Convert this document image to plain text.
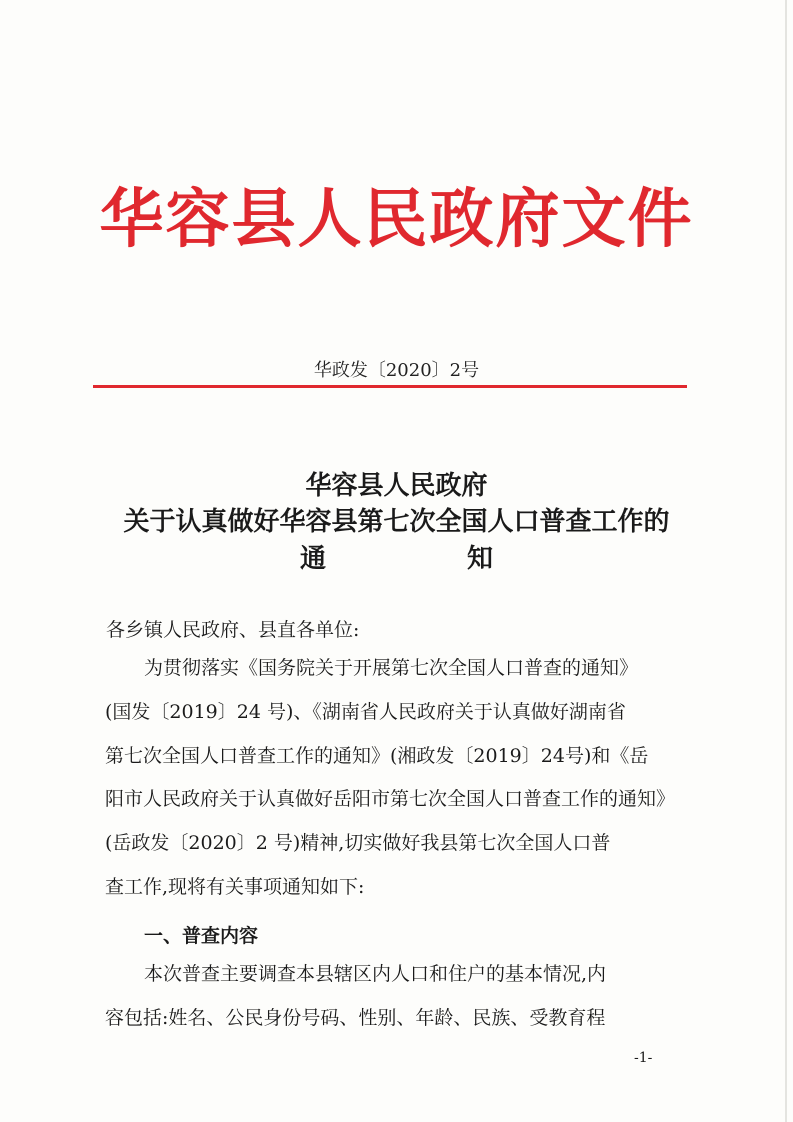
华容县人民政府文件

华政发〔2020〕2号

华容县人民政府
关于认真做好华容县第七次全国人口普查工作的
通 知

各乡镇人民政府、县直各单位:

为贯彻落实《国务院关于开展第七次全国人口普查的通知》

(国发〔2019〕24 号)、《湖南省人民政府关于认真做好湖南省

第七次全国人口普查工作的通知》(湘政发〔2019〕24号)和《岳

阳市人民政府关于认真做好岳阳市第七次全国人口普查工作的通知》

(岳政发〔2020〕2 号)精神,切实做好我县第七次全国人口普

查工作,现将有关事项通知如下:

一、普查内容

本次普查主要调查本县辖区内人口和住户的基本情况,内

容包括:姓名、公民身份号码、性别、年龄、民族、受教育程

-1-
